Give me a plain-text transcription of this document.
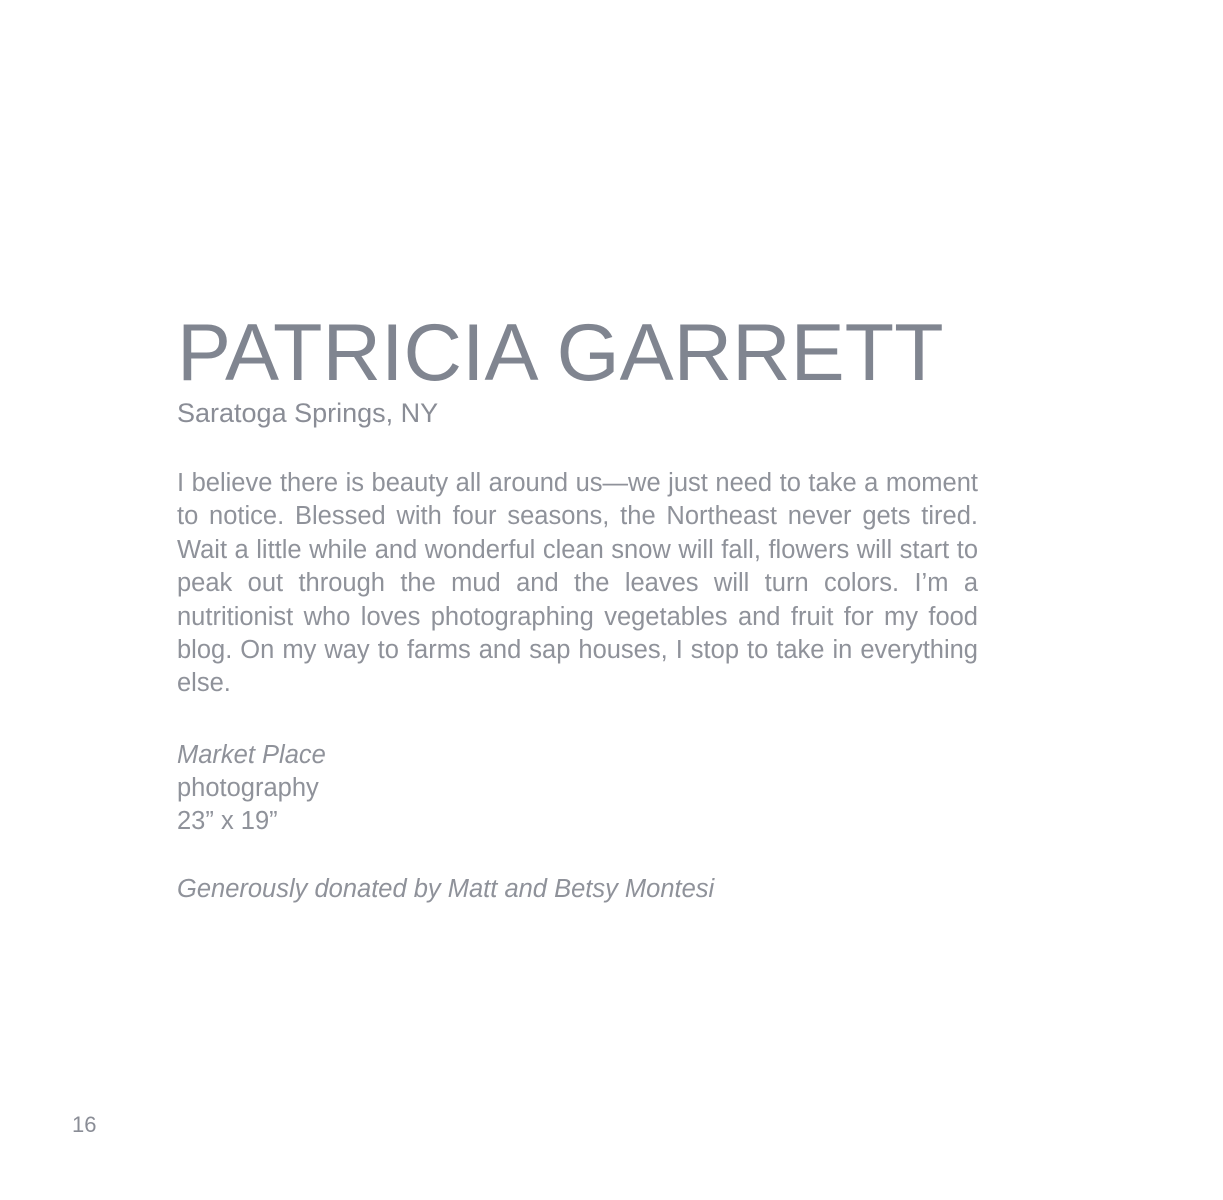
PATRICIA GARRETT

Saratoga Springs, NY

I believe there is beauty all around us—we just need to take a moment to notice. Blessed with four seasons, the Northeast never gets tired. Wait a little while and wonderful clean snow will fall, flowers will start to peak out through the mud and the leaves will turn colors. I’m a nutritionist who loves photographing vegetables and fruit for my food blog. On my way to farms and sap houses, I stop to take in everything else.

Market Place
photography
23” x 19”

Generously donated by Matt and Betsy Montesi

16
